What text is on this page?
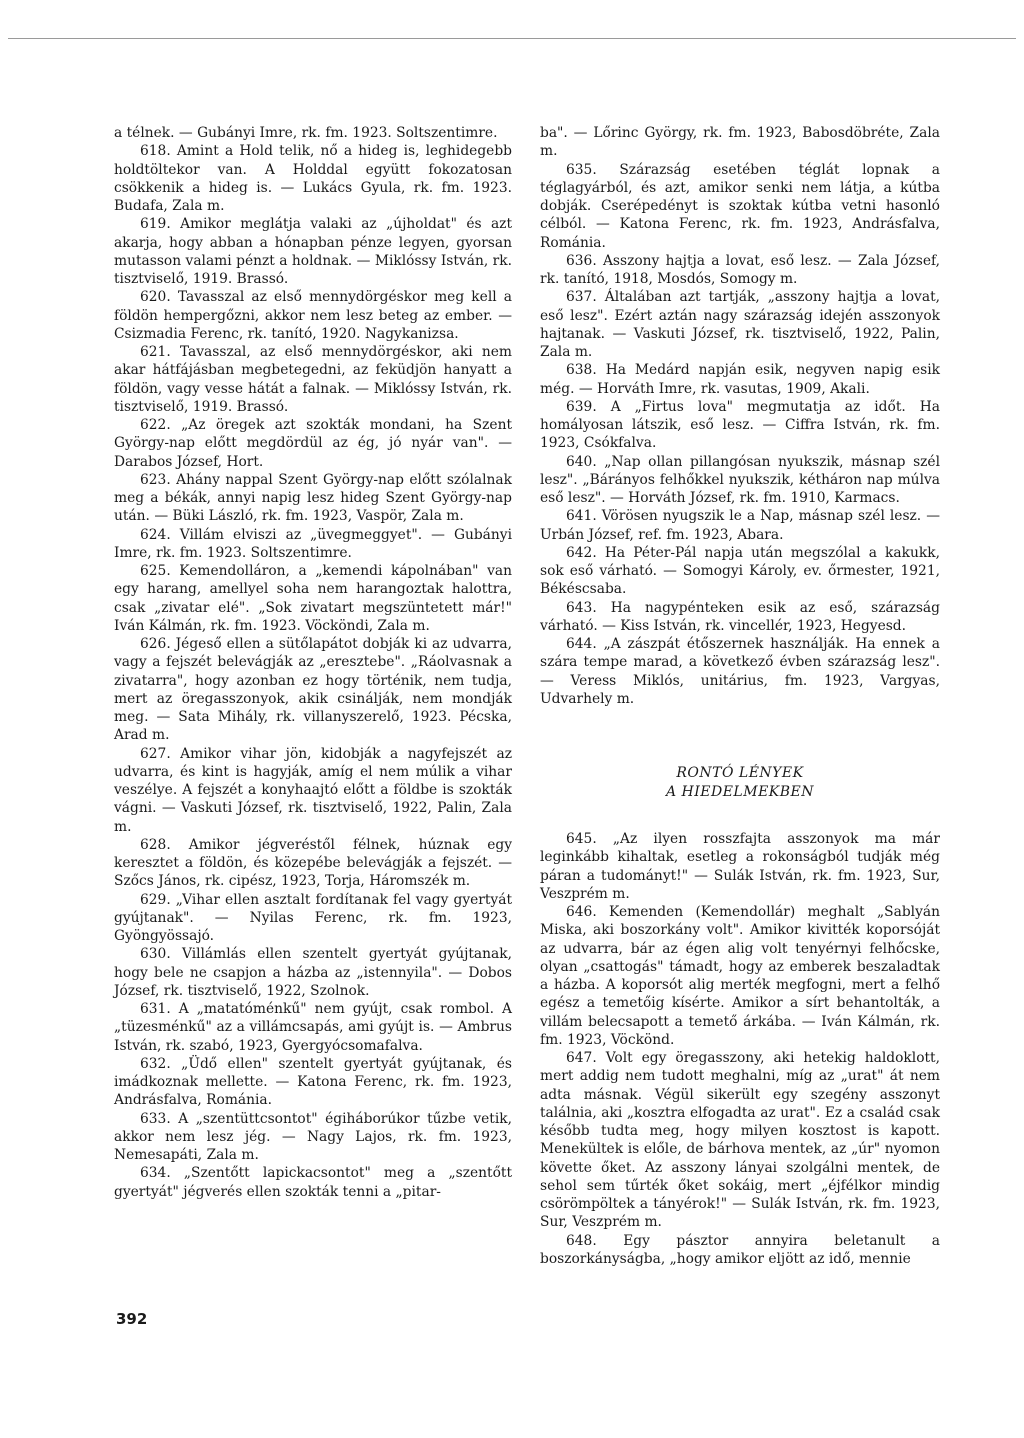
a télnek. — Gubányi Imre, rk. fm. 1923. Soltszentimre.

618. Amint a Hold telik, nő a hideg is, leghidegebb holdtöltekor van. A Holddal együtt fokozatosan csökkenik a hideg is. — Lukács Gyula, rk. fm. 1923. Budafa, Zala m.

619. Amikor meglátja valaki az „újholdat" és azt akarja, hogy abban a hónapban pénze legyen, gyorsan mutasson valami pénzt a holdnak. — Miklóssy István, rk. tisztviselő, 1919. Brassó.

620. Tavasszal az első mennydörgéskor meg kell a földön hempergőzni, akkor nem lesz beteg az ember. — Csizmadia Ferenc, rk. tanító, 1920. Nagykanizsa.

621. Tavasszal, az első mennydörgéskor, aki nem akar hátfájásban megbetegedni, az feküdjön hanyatt a földön, vagy vesse hátát a falnak. — Miklóssy István, rk. tisztviselő, 1919. Brassó.

622. „Az öregek azt szokták mondani, ha Szent György-nap előtt megdördül az ég, jó nyár van". — Darabos József, Hort.

623. Ahány nappal Szent György-nap előtt szólalnak meg a békák, annyi napig lesz hideg Szent György-nap után. — Büki László, rk. fm. 1923, Vaspör, Zala m.

624. Villám elviszi az „üvegmeggyet". — Gubányi Imre, rk. fm. 1923. Soltszentimre.

625. Kemendolláron, a „kemendi kápolnában" van egy harang, amellyel soha nem harangoztak halottra, csak „zivatar elé". „Sok zivatart megszüntetett már!" Iván Kálmán, rk. fm. 1923. Vöcköndi, Zala m.

626. Jégeső ellen a sütőlapátot dobják ki az udvarra, vagy a fejszét belevágják az „eresztebe". „Ráolvasnak a zivatarra", hogy azonban ez hogy történik, nem tudja, mert az öregasszonyok, akik csinálják, nem mondják meg. — Sata Mihály, rk. villanyszerelő, 1923. Pécska, Arad m.

627. Amikor vihar jön, kidobják a nagyfejszét az udvarra, és kint is hagyják, amíg el nem múlik a vihar veszélye. A fejszét a konyhaajtó előtt a földbe is szokták vágni. — Vaskuti József, rk. tisztviselő, 1922, Palin, Zala m.

628. Amikor jégveréstől félnek, húznak egy keresztet a földön, és közepébe belevágják a fejszét. — Szőcs János, rk. cipész, 1923, Torja, Háromszék m.

629. „Vihar ellen asztalt fordítanak fel vagy gyertyát gyújtanak". — Nyilas Ferenc, rk. fm. 1923, Gyöngyössajó.

630. Villámlás ellen szentelt gyertyát gyújtanak, hogy bele ne csapjon a házba az „istennyila". — Dobos József, rk. tisztviselő, 1922, Szolnok.

631. A „matatóménkű" nem gyújt, csak rombol. A „tüzesménkű" az a villámcsapás, ami gyújt is. — Ambrus István, rk. szabó, 1923, Gyergyócsomafalva.

632. „Üdő ellen" szentelt gyertyát gyújtanak, és imádkoznak mellette. — Katona Ferenc, rk. fm. 1923, Andrásfalva, Románia.

633. A „szentüttcsontot" égiháborúkor tűzbe vetik, akkor nem lesz jég. — Nagy Lajos, rk. fm. 1923, Nemesapáti, Zala m.

634. „Szentőtt lapickacsontot" meg a „szentőtt gyertyát" jégverés ellen szokták tenni a „pitar-

ba". — Lőrinc György, rk. fm. 1923, Babosdöbréte, Zala m.

635. Szárazság esetében téglát lopnak a téglagyárból, és azt, amikor senki nem látja, a kútba dobják. Cserépedényt is szoktak kútba vetni hasonló célból. — Katona Ferenc, rk. fm. 1923, Andrásfalva, Románia.

636. Asszony hajtja a lovat, eső lesz. — Zala József, rk. tanító, 1918, Mosdós, Somogy m.

637. Általában azt tartják, „asszony hajtja a lovat, eső lesz". Ezért aztán nagy szárazság idején asszonyok hajtanak. — Vaskuti József, rk. tisztviselő, 1922, Palin, Zala m.

638. Ha Medárd napján esik, negyven napig esik még. — Horváth Imre, rk. vasutas, 1909, Akali.

639. A „Firtus lova" megmutatja az időt. Ha homályosan látszik, eső lesz. — Ciffra István, rk. fm. 1923, Csókfalva.

640. „Nap ollan pillangósan nyukszik, másnap szél lesz". „Bárányos felhőkkel nyukszik, kétháron nap múlva eső lesz". — Horváth József, rk. fm. 1910, Karmacs.

641. Vörösen nyugszik le a Nap, másnap szél lesz. — Urbán József, ref. fm. 1923, Abara.

642. Ha Péter-Pál napja után megszólal a kakukk, sok eső várható. — Somogyi Károly, ev. őrmester, 1921, Békéscsaba.

643. Ha nagypénteken esik az eső, szárazság várható. — Kiss István, rk. vincellér, 1923, Hegyesd.

644. „A zászpát étőszernek használják. Ha ennek a szára tempe marad, a következő évben szárazság lesz". — Veress Miklós, unitárius, fm. 1923, Vargyas, Udvarhely m.

RONTÓ LÉNYEK
A HIEDELMEKBEN

645. „Az ilyen rosszfajta asszonyok ma már leginkább kihaltak, esetleg a rokonságból tudják még páran a tudományt!" — Sulák István, rk. fm. 1923, Sur, Veszprém m.

646. Kemenden (Kemendollár) meghalt „Sablyán Miska, aki boszorkány volt". Amikor kivitték koporsóját az udvarra, bár az égen alig volt tenyérnyi felhőcske, olyan „csattogás" támadt, hogy az emberek beszaladtak a házba. A koporsót alig merték megfogni, mert a felhő egész a temetőig kísérte. Amikor a sírt behantolták, a villám belecsapott a temető árkába. — Iván Kálmán, rk. fm. 1923, Vöckönd.

647. Volt egy öregasszony, aki hetekig haldoklott, mert addig nem tudott meghalni, míg az „urat" át nem adta másnak. Végül sikerült egy szegény asszonyt találnia, aki „kosztra elfogadta az urat". Ez a család csak később tudta meg, hogy milyen kosztost is kapott. Menekültek is előle, de bárhova mentek, az „úr" nyomon követte őket. Az asszony lányai szolgálni mentek, de sehol sem tűrték őket sokáig, mert „éjfélkor mindig csörömpöltek a tányérok!" — Sulák István, rk. fm. 1923, Sur, Veszprém m.

648. Egy pásztor annyira beletanult a boszorkányságba, „hogy amikor eljött az idő, mennie

392
